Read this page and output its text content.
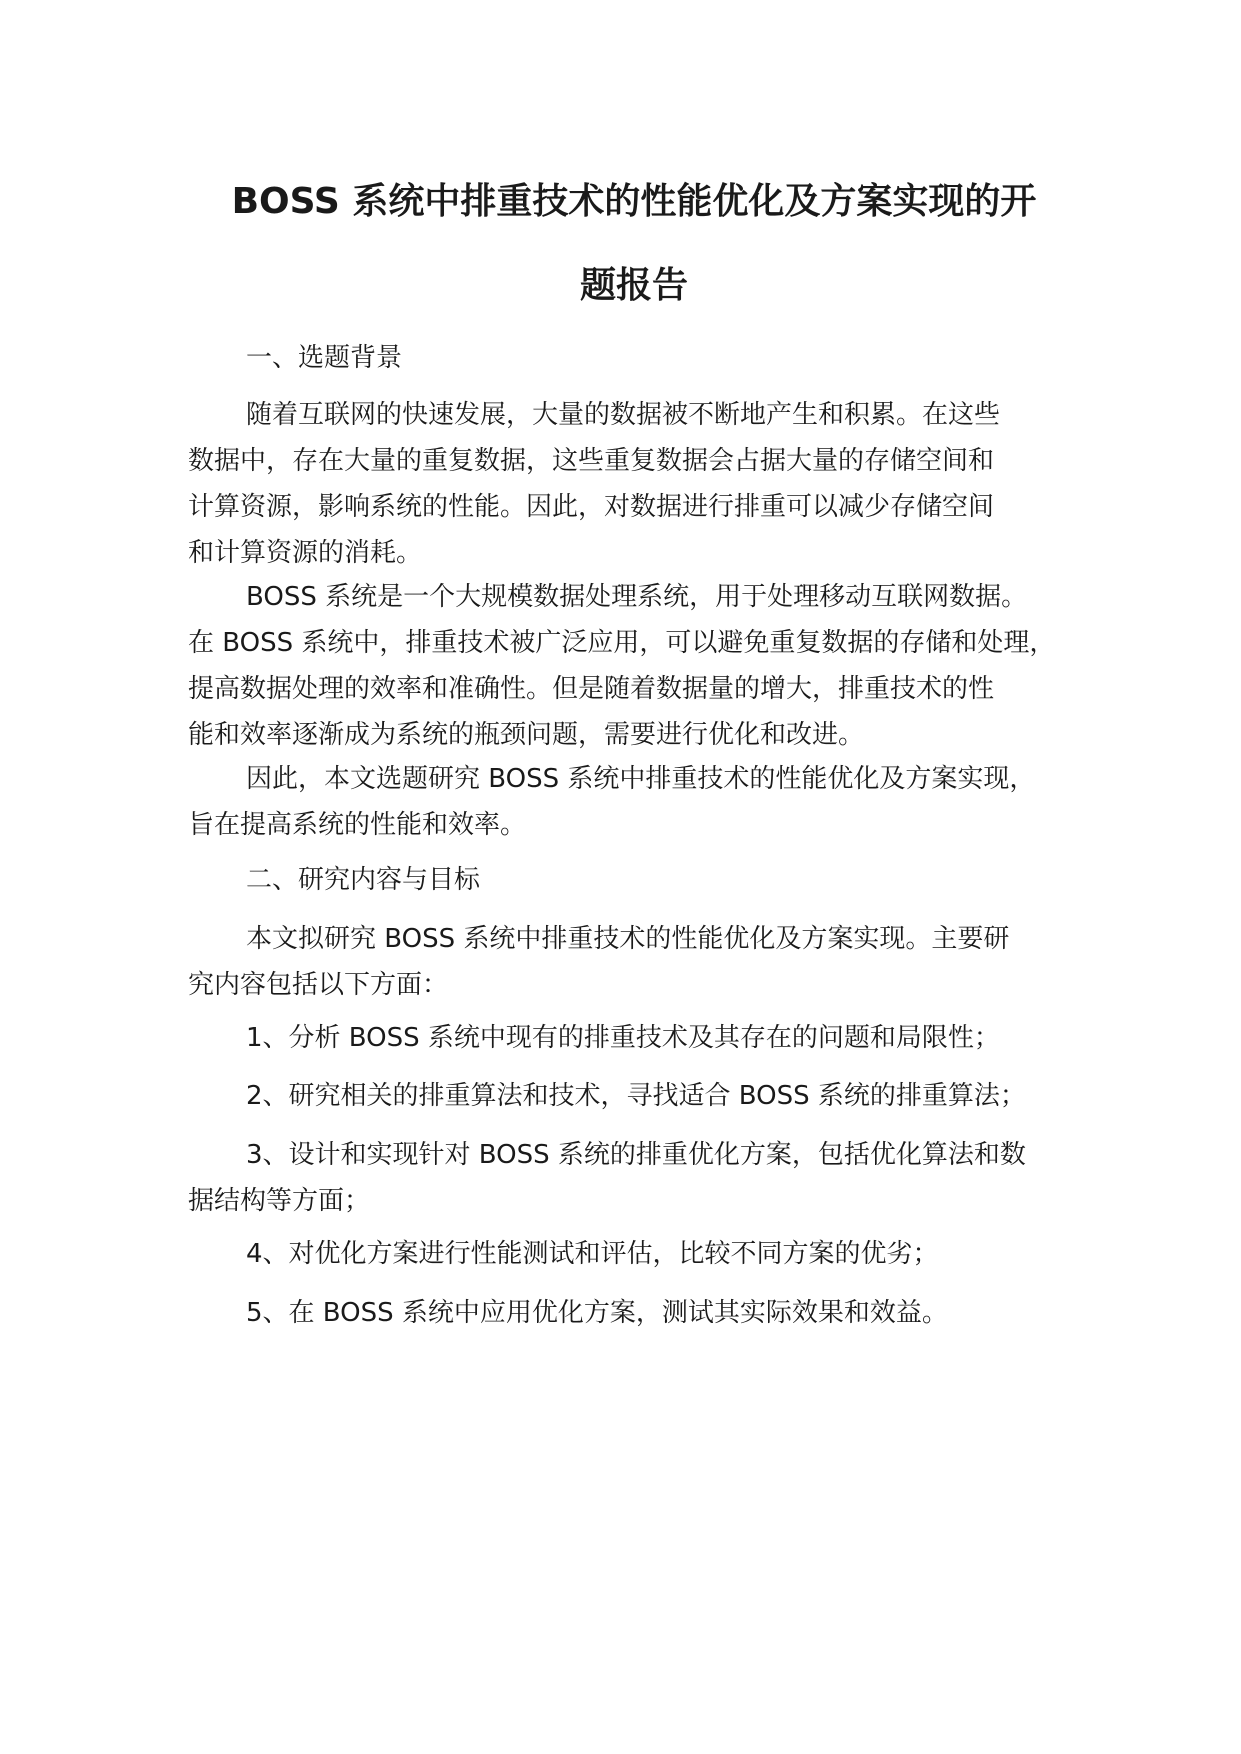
BOSS 系统中排重技术的性能优化及方案实现的开
题报告
一、选题背景
随着互联网的快速发展，大量的数据被不断地产生和积累。在这些
数据中，存在大量的重复数据，这些重复数据会占据大量的存储空间和
计算资源，影响系统的性能。因此，对数据进行排重可以减少存储空间
和计算资源的消耗。
BOSS 系统是一个大规模数据处理系统，用于处理移动互联网数据。
在 BOSS 系统中，排重技术被广泛应用，可以避免重复数据的存储和处理，
提高数据处理的效率和准确性。但是随着数据量的增大，排重技术的性
能和效率逐渐成为系统的瓶颈问题，需要进行优化和改进。
因此，本文选题研究 BOSS 系统中排重技术的性能优化及方案实现，
旨在提高系统的性能和效率。
二、研究内容与目标
本文拟研究 BOSS 系统中排重技术的性能优化及方案实现。主要研
究内容包括以下方面：
1、分析 BOSS 系统中现有的排重技术及其存在的问题和局限性；
2、研究相关的排重算法和技术，寻找适合 BOSS 系统的排重算法；
3、设计和实现针对 BOSS 系统的排重优化方案，包括优化算法和数
据结构等方面；
4、对优化方案进行性能测试和评估，比较不同方案的优劣；
5、在 BOSS 系统中应用优化方案，测试其实际效果和效益。
